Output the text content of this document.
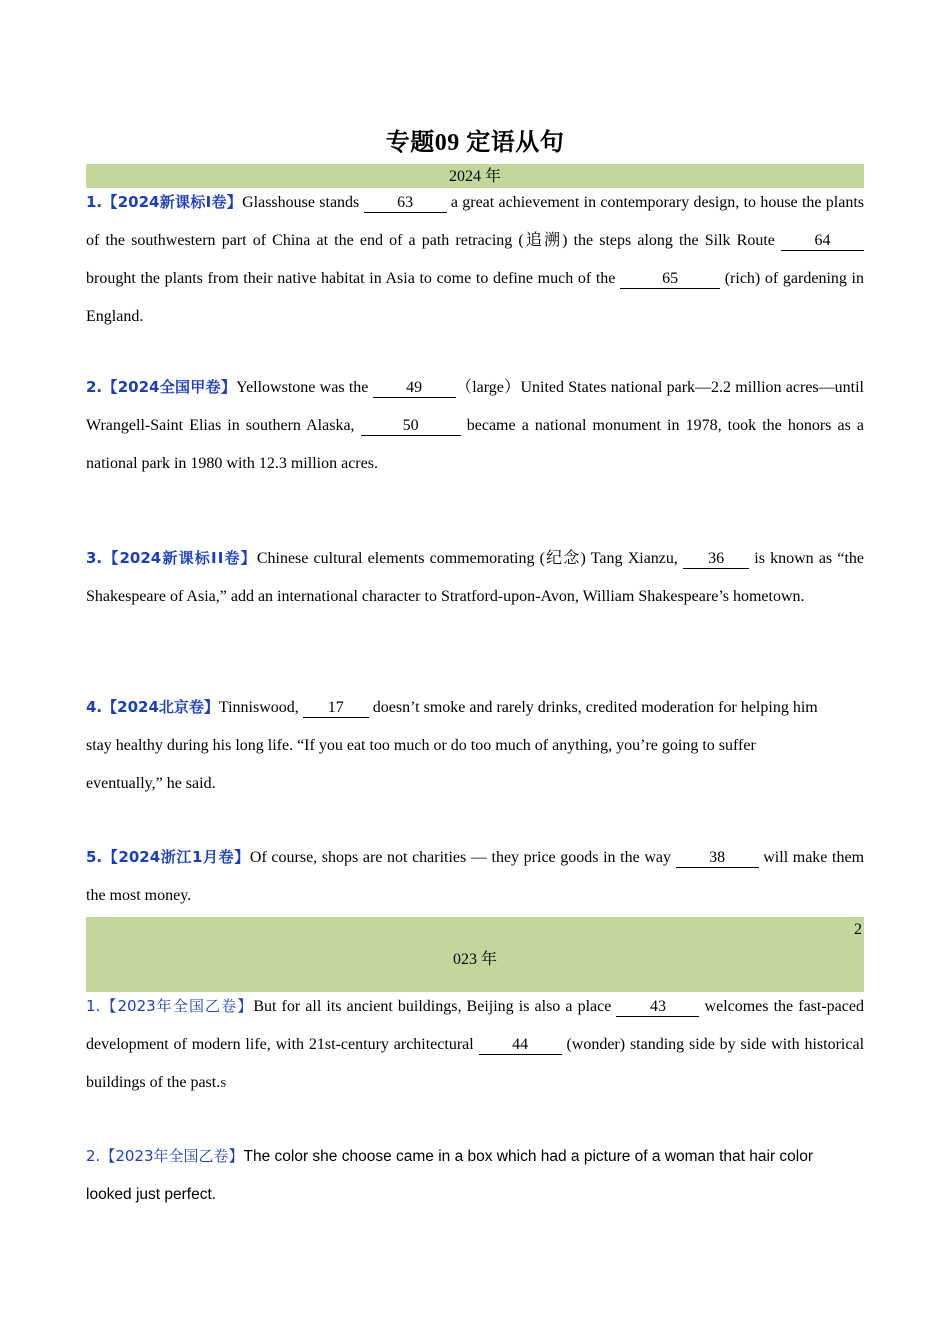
专题09 定语从句
2024 年

1.【2024新课标Ⅰ卷】Glasshouse stands 63 a great achievement in contemporary design, to house the plants of the southwestern part of China at the end of a path retracing (追溯) the steps along the Silk Route 64 brought the plants from their native habitat in Asia to come to define much of the	65	(rich) of gardening in England.

2.【2024全国甲卷】Yellowstone was the 49 （large）United States national park—2.2 million acres—until Wrangell-Saint Elias in southern Alaska,	50	became a national monument in 1978, took the honors as a national park in 1980 with 12.3 million acres.

3.【2024新课标ⅠⅠ卷】Chinese cultural elements commemorating (纪念) Tang Xianzu, 36 is known as “the Shakespeare of Asia,” add an international character to Stratford-upon-Avon, William Shakespeare’s hometown.

4.【2024北京卷】Tinniswood, 17 doesn’t smoke and rarely drinks, credited moderation for helping him
stay healthy during his long life. “If you eat too much or do too much of anything, you’re going to suffer
eventually,” he said.

5.【2024浙江1月卷】Of course, shops are not charities — they price goods in the way 38 will make them the most money.

2
023 年

1.【2023年全国乙卷】But for all its ancient buildings, Beijing is also a place 43 welcomes the fast-paced development of modern life, with 21st-century architectural 44 (wonder) standing side by side with historical buildings of the past.S

2.【2023年全国乙卷】The color she choose came in a box which had a picture of a woman that hair color
looked just perfect.
